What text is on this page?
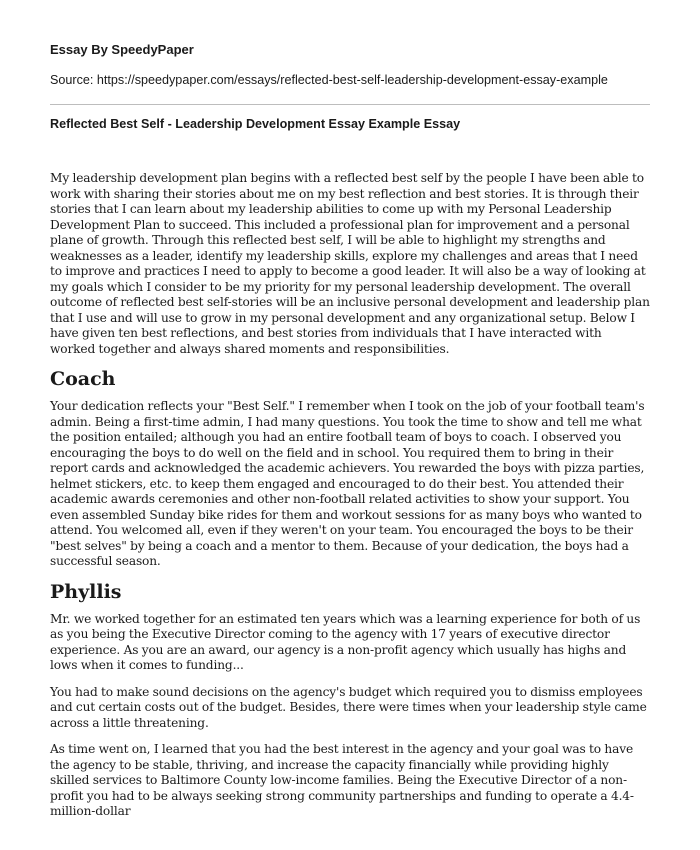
Essay By SpeedyPaper
Source: https://speedypaper.com/essays/reflected-best-self-leadership-development-essay-example
Reflected Best Self - Leadership Development Essay Example Essay

My leadership development plan begins with a reflected best self by the people I have been able to work with sharing their stories about me on my best reflection and best stories. It is through their stories that I can learn about my leadership abilities to come up with my Personal Leadership Development Plan to succeed. This included a professional plan for improvement and a personal plane of growth. Through this reflected best self, I will be able to highlight my strengths and weaknesses as a leader, identify my leadership skills, explore my challenges and areas that I need to improve and practices I need to apply to become a good leader. It will also be a way of looking at my goals which I consider to be my priority for my personal leadership development. The overall outcome of reflected best self-stories will be an inclusive personal development and leadership plan that I use and will use to grow in my personal development and any organizational setup. Below I have given ten best reflections, and best stories from individuals that I have interacted with worked together and always shared moments and responsibilities.

Coach

Your dedication reflects your "Best Self." I remember when I took on the job of your football team's admin. Being a first-time admin, I had many questions. You took the time to show and tell me what the position entailed; although you had an entire football team of boys to coach. I observed you encouraging the boys to do well on the field and in school. You required them to bring in their report cards and acknowledged the academic achievers. You rewarded the boys with pizza parties, helmet stickers, etc. to keep them engaged and encouraged to do their best. You attended their academic awards ceremonies and other non-football related activities to show your support. You even assembled Sunday bike rides for them and workout sessions for as many boys who wanted to attend. You welcomed all, even if they weren't on your team. You encouraged the boys to be their "best selves" by being a coach and a mentor to them. Because of your dedication, the boys had a successful season.

Phyllis

Mr. we worked together for an estimated ten years which was a learning experience for both of us as you being the Executive Director coming to the agency with 17 years of executive director experience. As you are an award, our agency is a non-profit agency which usually has highs and lows when it comes to funding...

You had to make sound decisions on the agency's budget which required you to dismiss employees and cut certain costs out of the budget. Besides, there were times when your leadership style came across a little threatening.

As time went on, I learned that you had the best interest in the agency and your goal was to have the agency to be stable, thriving, and increase the capacity financially while providing highly skilled services to Baltimore County low-income families. Being the Executive Director of a non-profit you had to be always seeking strong community partnerships and funding to operate a 4.4-million-dollar
